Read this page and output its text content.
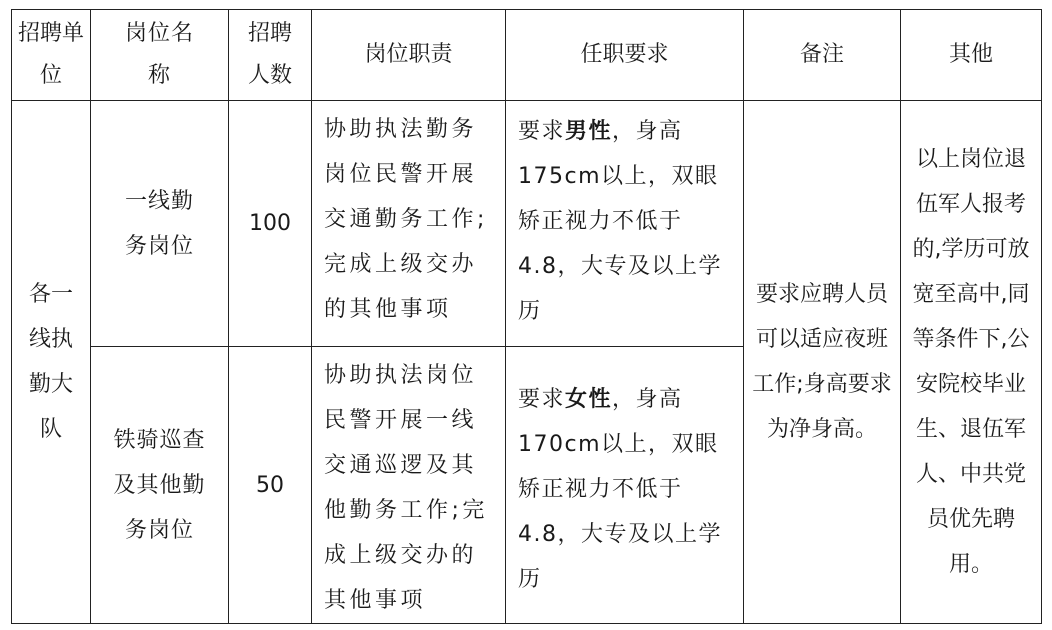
招聘单位	岗位名称	招聘人数	岗位职责	任职要求	备注	其他
各一线执勤大队	一线勤务岗位	100	协助执法勤务岗位民警开展交通勤务工作;完成上级交办的其他事项	要求男性，身高175cm以上，双眼矫正视力不低于4.8，大专及以上学历	要求应聘人员可以适应夜班工作;身高要求为净身高。	以上岗位退伍军人报考的,学历可放宽至高中,同等条件下,公安院校毕业生、退伍军人、中共党员优先聘用。
	铁骑巡查及其他勤务岗位	50	协助执法岗位民警开展一线交通巡逻及其他勤务工作;完成上级交办的其他事项	要求女性，身高170cm以上，双眼矫正视力不低于4.8，大专及以上学历		
